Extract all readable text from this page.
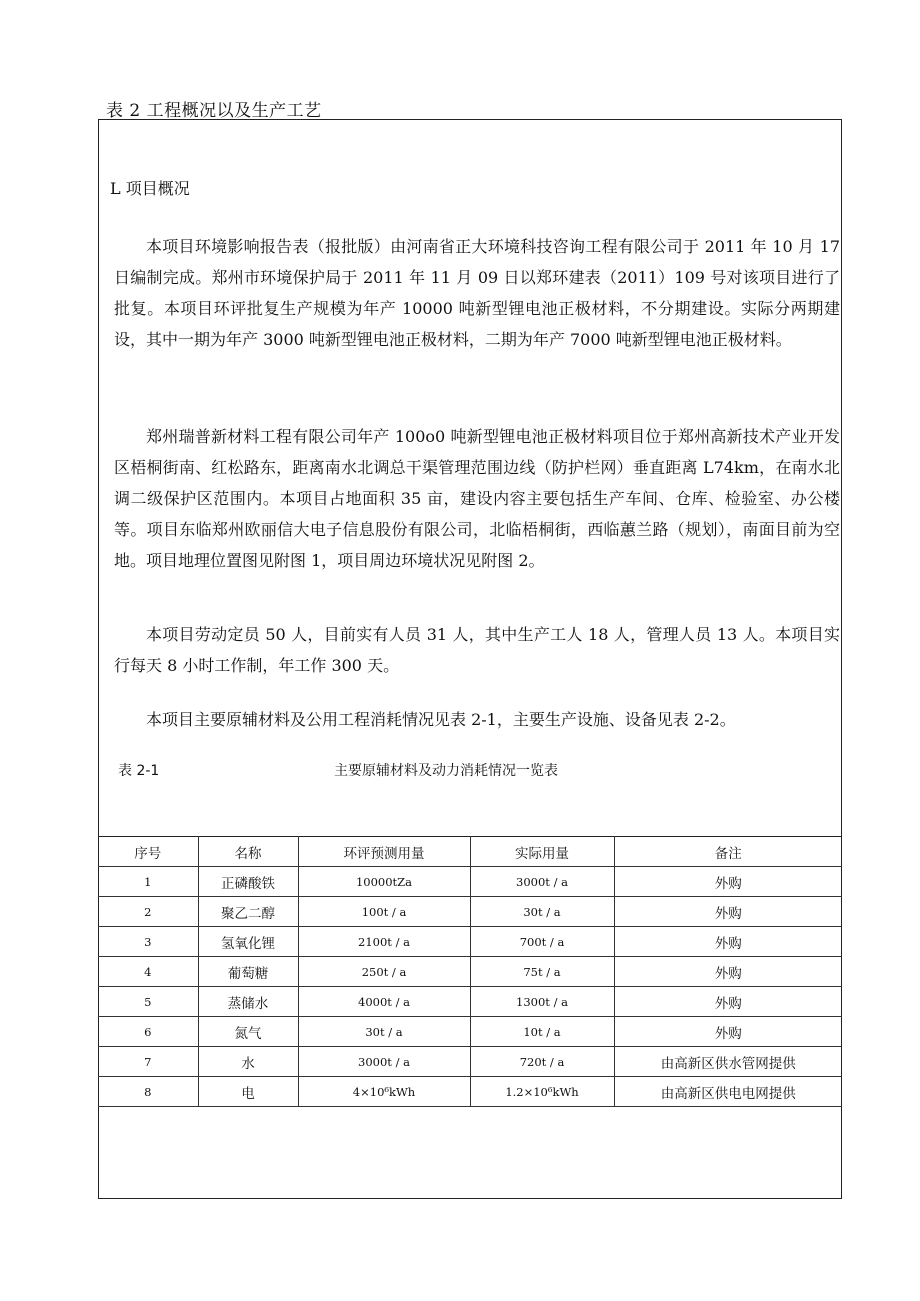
表 2 工程概况以及生产工艺
L 项目概况

本项目环境影响报告表（报批版）由河南省正大环境科技咨询工程有限公司于 2011 年 10 月 17 日编制完成。郑州市环境保护局于 2011 年 11 月 09 日以郑环建表（2011）109 号对该项目进行了批复。本项目环评批复生产规模为年产 10000 吨新型锂电池正极材料，不分期建设。实际分两期建设，其中一期为年产 3000 吨新型锂电池正极材料，二期为年产 7000 吨新型锂电池正极材料。

郑州瑞普新材料工程有限公司年产 100o0 吨新型锂电池正极材料项目位于郑州高新技术产业开发区梧桐街南、红松路东，距离南水北调总干渠管理范围边线（防护栏网）垂直距离 L74km，在南水北调二级保护区范围内。本项目占地面积 35 亩，建设内容主要包括生产车间、仓库、检验室、办公楼等。项目东临郑州欧丽信大电子信息股份有限公司，北临梧桐街，西临蕙兰路（规划），南面目前为空地。项目地理位置图见附图 1，项目周边环境状况见附图 2。

本项目劳动定员 50 人，目前实有人员 31 人，其中生产工人 18 人，管理人员 13 人。本项目实行每天 8 小时工作制，年工作 300 天。

本项目主要原辅材料及公用工程消耗情况见表 2-1，主要生产设施、设备见表 2-2。

表 2-1	主要原辅材料及动力消耗情况一览表
序号	名称	环评预测用量	实际用量	备注
1	正磷酸铁	10000tZa	3000t / a	外购
2	聚乙二醇	100t / a	30t / a	外购
3	氢氧化锂	2100t / a	700t / a	外购
4	葡萄糖	250t / a	75t / a	外购
5	蒸储水	4000t / a	1300t / a	外购
6	氮气	30t / a	10t / a	外购
7	水	3000t / a	720t / a	由高新区供水管网提供
8	电	4×10⁶kWh	1.2×10⁶kWh	由高新区供电电网提供
